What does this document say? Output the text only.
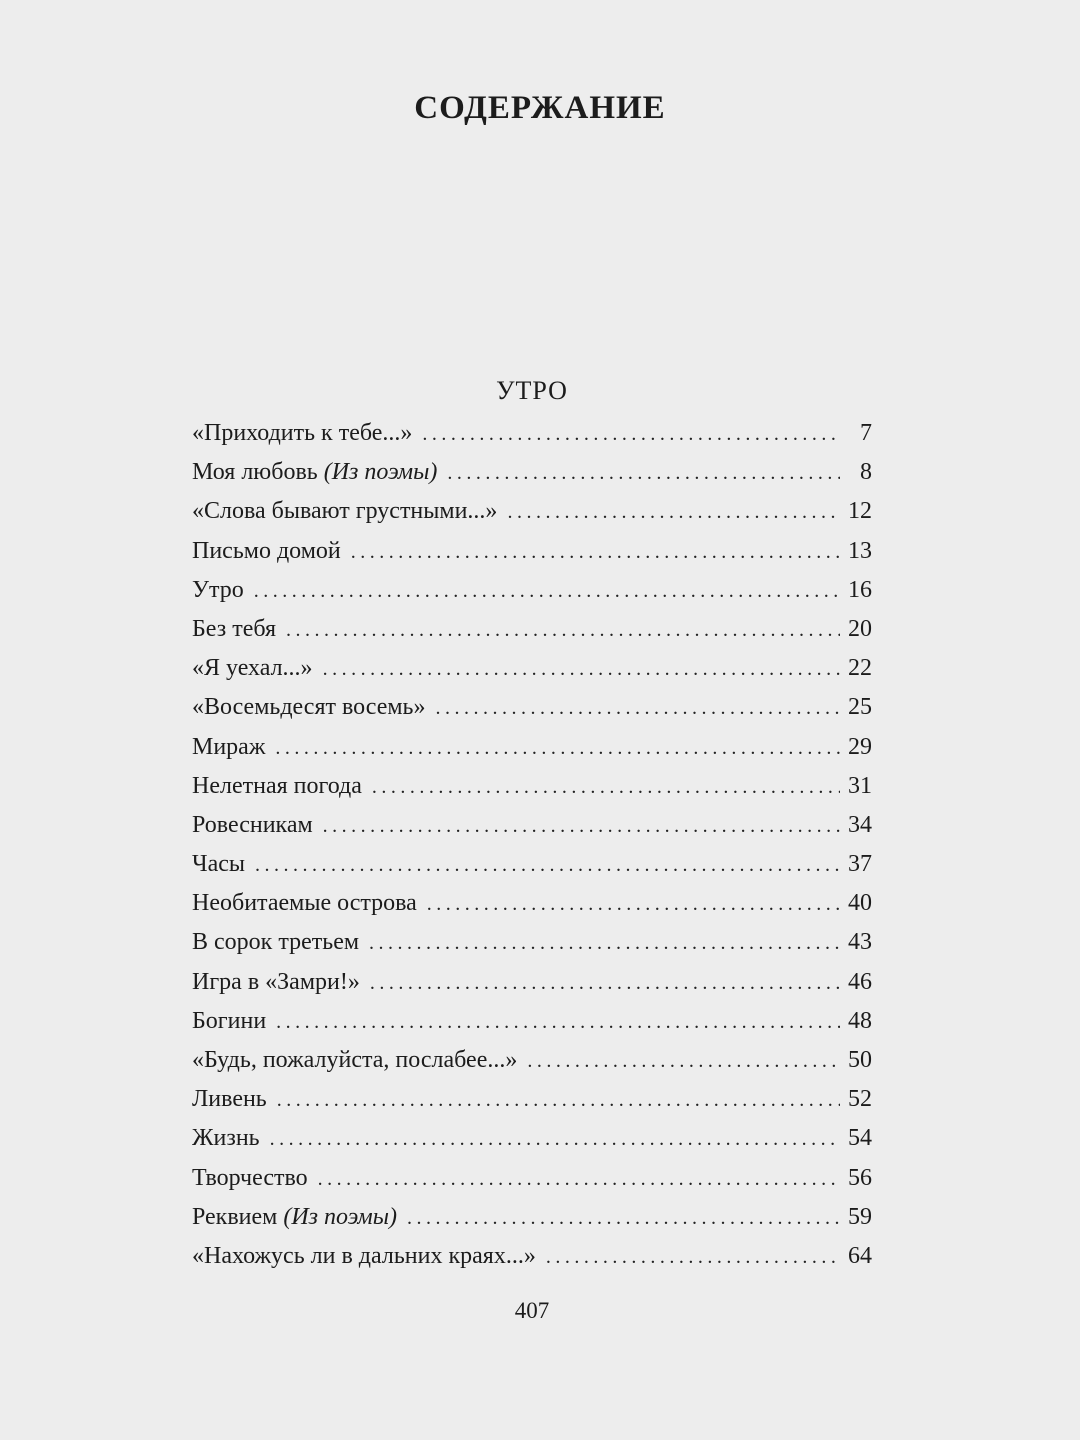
СОДЕРЖАНИЕ
УТРО
«Приходить к тебе...» . . .	7
Моя любовь (Из поэмы) . . .	8
«Слова бывают грустными...» . . .	12
Письмо домой . . .	13
Утро . . .	16
Без тебя . . .	20
«Я уехал...» . . .	22
«Восемьдесят восемь» . . .	25
Мираж . . .	29
Нелетная погода . . .	31
Ровесникам . . .	34
Часы . . .	37
Необитаемые острова . . .	40
В сорок третьем . . .	43
Игра в «Замри!» . . .	46
Богини . . .	48
«Будь, пожалуйста, послабее...» . . .	50
Ливень . . .	52
Жизнь . . .	54
Творчество . . .	56
Реквием (Из поэмы) . . .	59
«Нахожусь ли в дальних краях...» . . .	64
407
